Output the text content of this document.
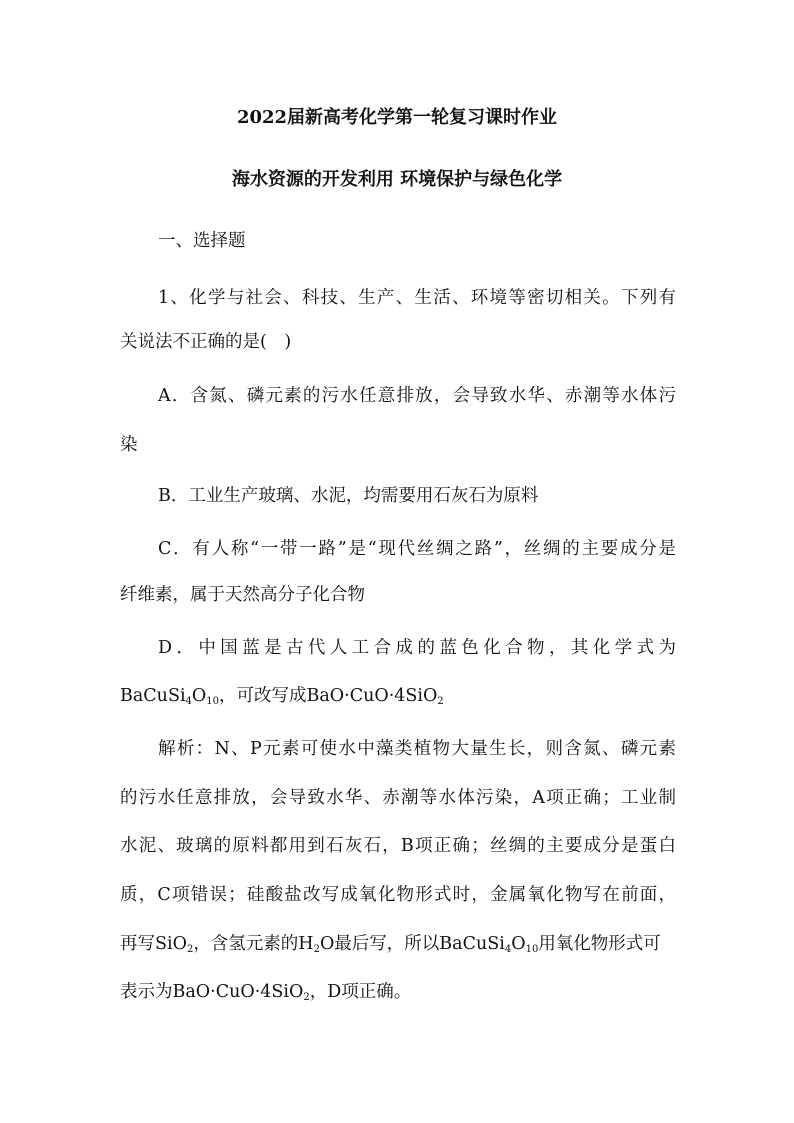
2022届新高考化学第一轮复习课时作业
海水资源的开发利用 环境保护与绿色化学
一、选择题
1、化学与社会、科技、生产、生活、环境等密切相关。下列有
关说法不正确的是(　)
A．含氮、磷元素的污水任意排放，会导致水华、赤潮等水体污
染
B．工业生产玻璃、水泥，均需要用石灰石为原料
C．有人称“一带一路”是“现代丝绸之路”，丝绸的主要成分是
纤维素，属于天然高分子化合物
D．中国蓝是古代人工合成的蓝色化合物，其化学式为
$BaCuSi_4O_{10}$，可改写成BaO·CuO·4SiO$_2$
解析：N、P元素可使水中藻类植物大量生长，则含氮、磷元素
的污水任意排放，会导致水华、赤潮等水体污染，A项正确；工业制
水泥、玻璃的原料都用到石灰石，B项正确；丝绸的主要成分是蛋白
质，C项错误；硅酸盐改写成氧化物形式时，金属氧化物写在前面，
再写SiO$_2$，含氢元素的$H_2O$最后写，所以$BaCuSi_4O_{10}$用氧化物形式可
表示为BaO·CuO·4SiO$_2$，D项正确。
